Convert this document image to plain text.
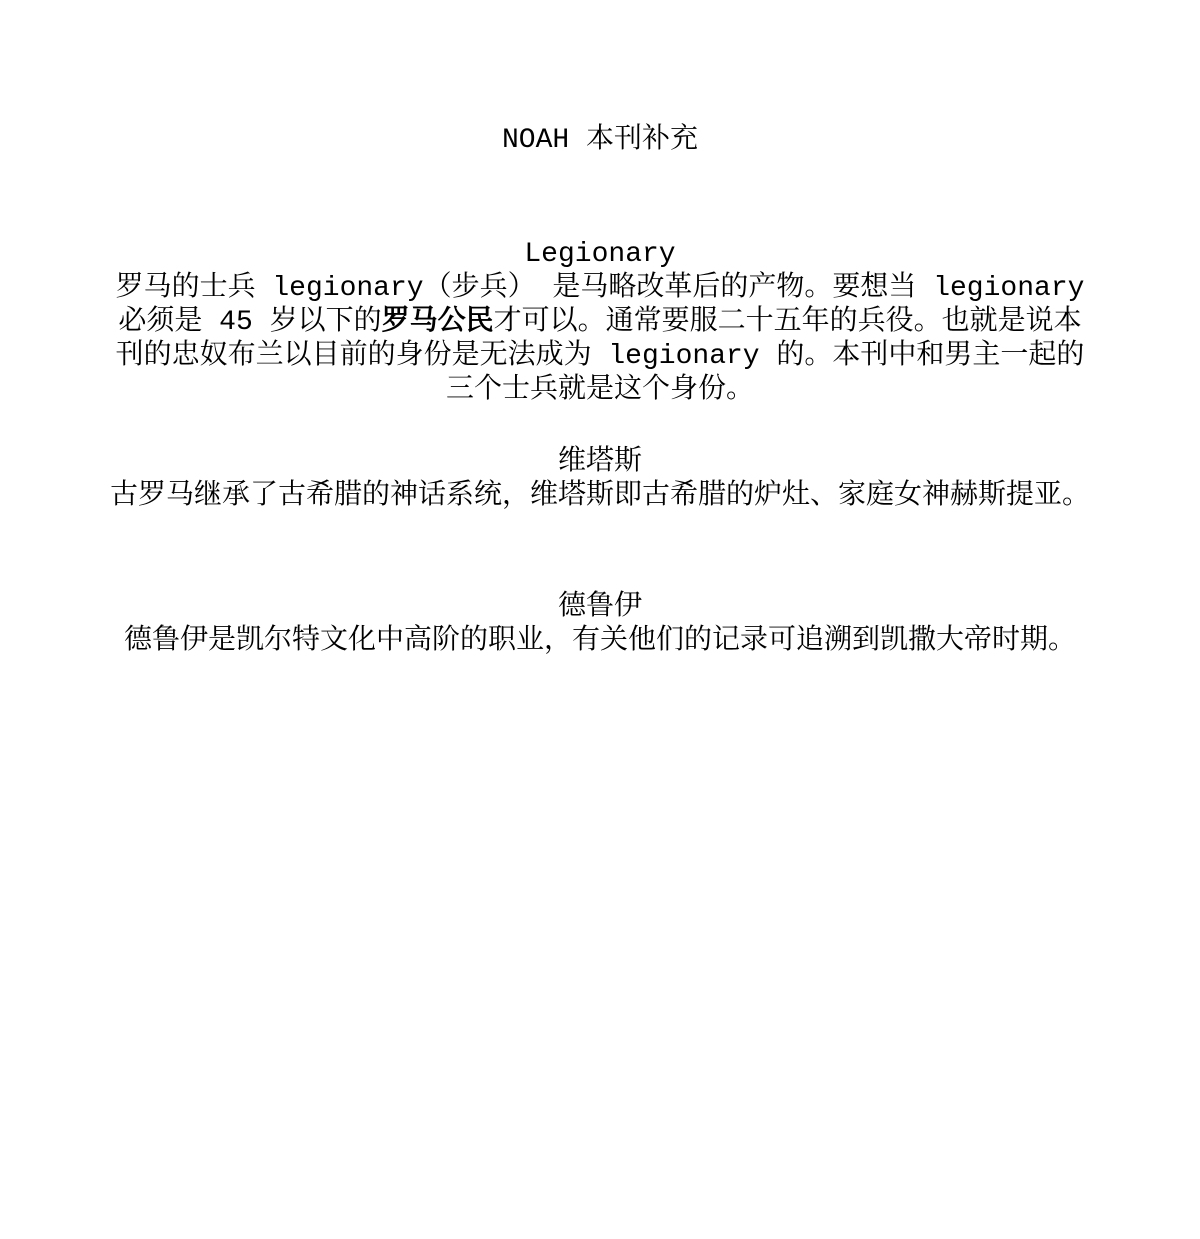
NOAH 本刊补充
Legionary

罗马的士兵 legionary（步兵） 是马略改革后的产物。要想当 legionary 必须是 45 岁以下的罗马公民才可以。通常要服二十五年的兵役。也就是说本刊的忠奴布兰以目前的身份是无法成为 legionary 的。本刊中和男主一起的三个士兵就是这个身份。

维塔斯

古罗马继承了古希腊的神话系统，维塔斯即古希腊的炉灶、家庭女神赫斯提亚。

德鲁伊

德鲁伊是凯尔特文化中高阶的职业，有关他们的记录可追溯到凯撒大帝时期。
